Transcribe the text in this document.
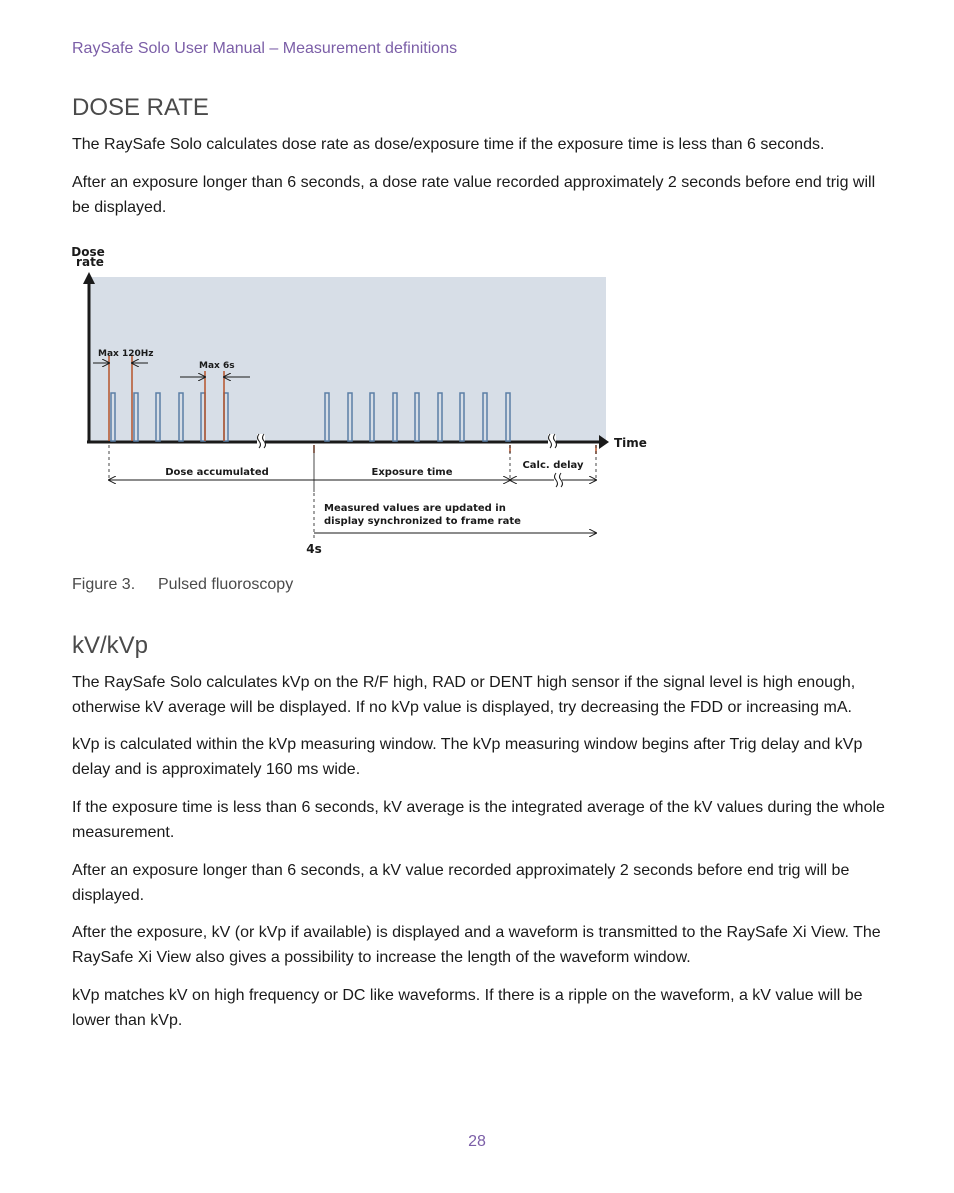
RaySafe Solo User Manual – Measurement definitions
DOSE RATE

The RaySafe Solo calculates dose rate as dose/exposure time if the exposure time is less than 6 seconds.

After an exposure longer than 6 seconds, a dose rate value recorded approximately 2 seconds before end trig will be displayed.

Dose
rate
Time
Max 120Hz
Max 6s
Dose accumulated	Exposure time
Calc. delay
Measured values are updated in
display synchronized to frame rate
4s
Figure 3. Pulsed fluoroscopy
kV/kVp

The RaySafe Solo calculates kVp on the R/F high, RAD or DENT high sensor if the signal level is high enough, otherwise kV average will be displayed. If no kVp value is displayed, try decreasing the FDD or increasing mA.

kVp is calculated within the kVp measuring window. The kVp measuring window begins after Trig delay and kVp delay and is approximately 160 ms wide.

If the exposure time is less than 6 seconds, kV average is the integrated average of the kV values during the whole measurement.

After an exposure longer than 6 seconds, a kV value recorded approximately 2 seconds before end trig will be displayed.

After the exposure, kV (or kVp if available) is displayed and a waveform is transmitted to the RaySafe Xi View. The RaySafe Xi View also gives a possibility to increase the length of the waveform window.

kVp matches kV on high frequency or DC like waveforms. If there is a ripple on the waveform, a kV value will be lower than kVp.

28
